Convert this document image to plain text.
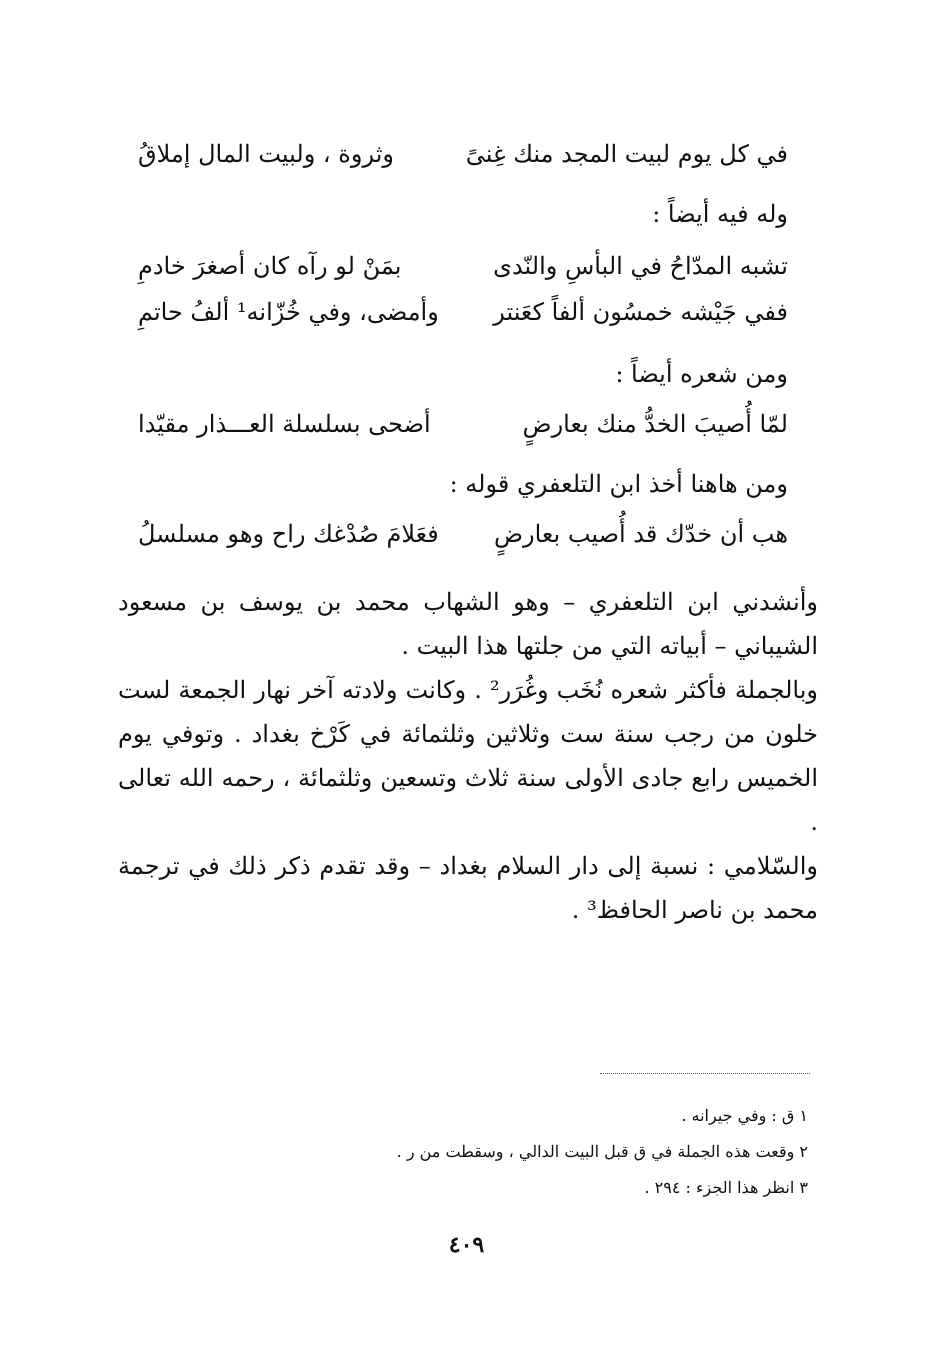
في كل يوم لبيت المجد منك غِنىً
وثروة ، ولبيت المال إملاقُ
وله فيه أيضاً :
تشبه المدّاحُ في البأسِ والنّدى
بمَنْ لو رآه كان أصغرَ خادمِ
ففي جَيْشه خمسُون ألفاً كعَنتر
وأمضى، وفي خُزّانه¹ ألفُ حاتمِ
ومن شعره أيضاً :
لمّا أُصيبَ الخدُّ منك بعارضٍ
أضحى بسلسلة العـــذار مقيّدا
ومن هاهنا أخذ ابن التلعفري قوله :
هب أن خدّك قد أُصيب بعارضٍ
فعَلامَ صُدْغك راح وهو مسلسلُ

وأنشدني ابن التلعفري – وهو الشهاب محمد بن يوسف بن مسعود الشيباني – أبياته التي من جلتها هذا البيت .

وبالجملة فأكثر شعره نُخَب وغُرَر² . وكانت ولادته آخر نهار الجمعة لست خلون من رجب سنة ست وثلاثين وثلثمائة في كَرْخ بغداد . وتوفي يوم الخميس رابع جادى الأولى سنة ثلاث وتسعين وثلثمائة ، رحمه الله تعالى .

والسّلامي : نسبة إلى دار السلام بغداد – وقد تقدم ذكر ذلك في ترجمة محمد بن ناصر الحافظ³ .

١ ق : وفي جيرانه .
٢ وقعت هذه الجملة في ق قبل البيت الدالي ، وسقطت من ر .
٣ انظر هذا الجزء : ٢٩٤ .
٤٠٩
